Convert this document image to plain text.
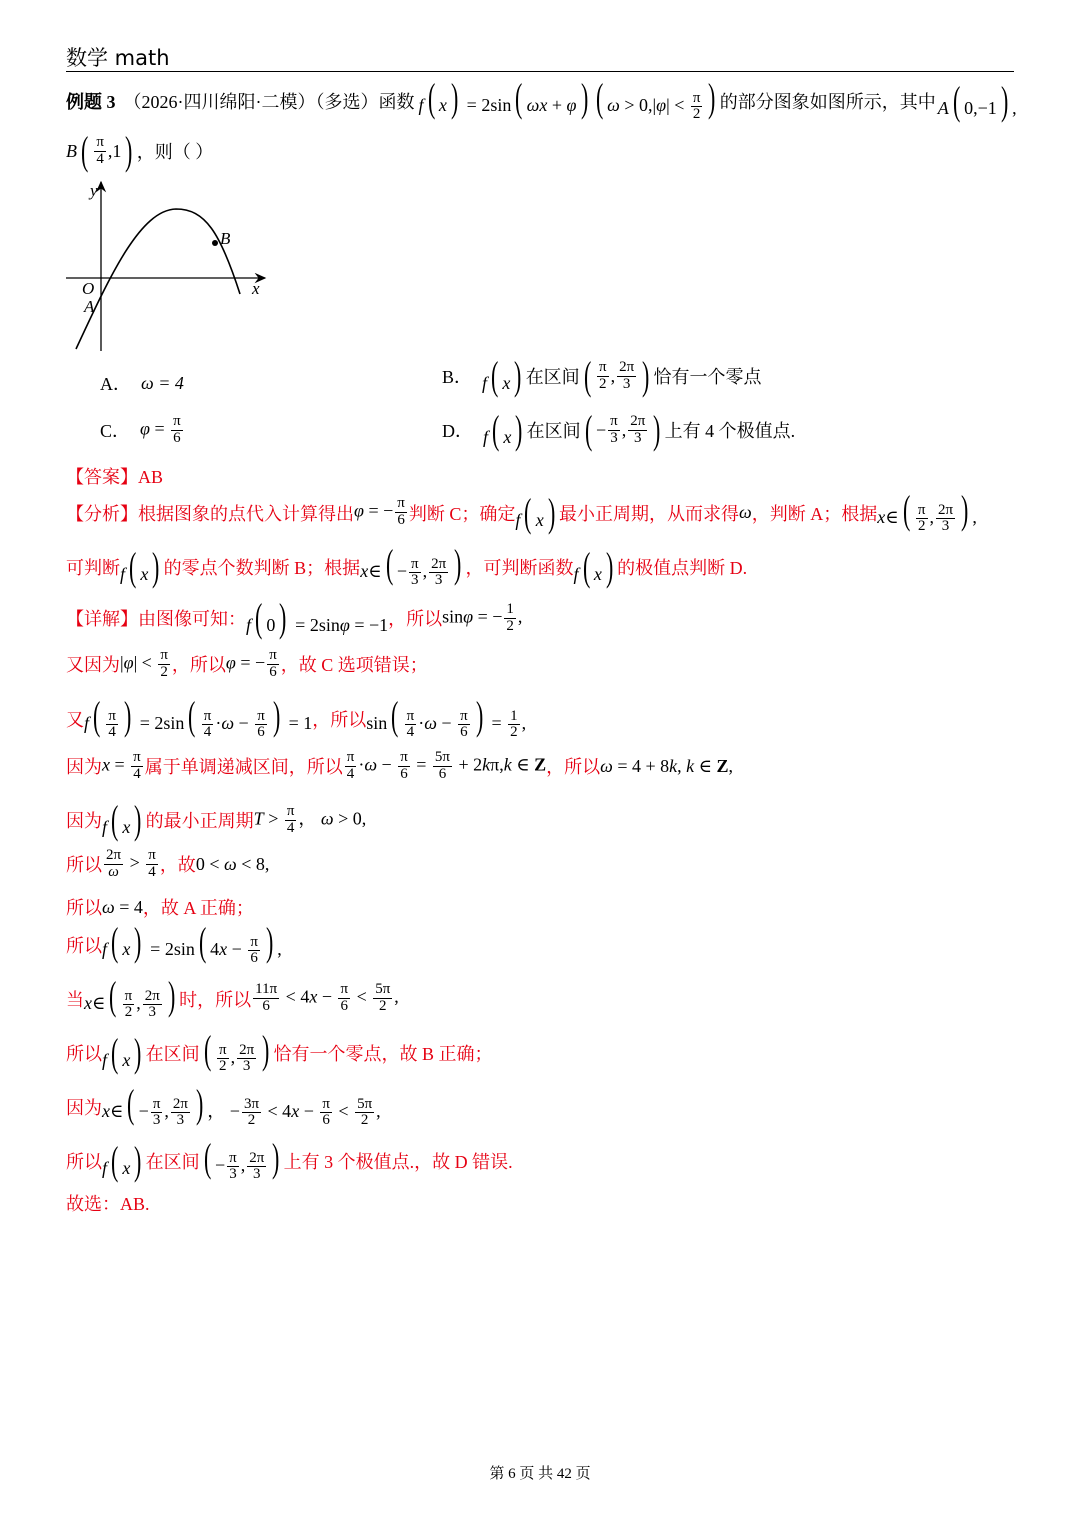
数学 math
例题 3 （2026·四川绵阳·二模）（多选） 函数 f( x) = 2sin( ωx + φ) ( $\omega > 0,|\varphi| < \frac{\pi}{2}$ ) 的部分图象如图所示，其中 A( 0,−1) ,
B ( $\frac{\pi}{4} ,1$ ) ，则（ ）
y
x
O
A
B
A． ω = 4	B． f( x) 在区间 ( $\frac{\pi}{2}$ , $\frac{2\pi}{3}$ ) 恰有一个零点
C． $\varphi = \frac{\pi}{6}$	D． f( x) 在区间 ( − $\frac{\pi}{3}$ , $\frac{2\pi}{3}$ ) 上有 4 个极值点.
【答案】AB
【分析】 根据图象的点代入计算得出 φ = − $\frac{\pi}{6}$ 判断 C；确定 f( x) 最小正周期，从而求得 ω ，判断 A；根据 x∈( $\frac{\pi}{2}$ , $\frac{2\pi}{3}$ ) ,
可判断 f( x) 的零点个数判断 B；根据 x∈( − $\frac{\pi}{3}$ , $\frac{2\pi}{3}$ ) ，可判断函数 f( x) 的极值点判断 D.
【详解】 由图像可知： f( 0) = 2sinφ = −1 ，所以 sinφ = − $\frac{1}{2}$ ,
又因为 $|\varphi| < \frac{\pi}{2}$ ，所以 φ = − $\frac{\pi}{6}$ ，故 C 选项错误；
又 $f( \frac{\pi}{4}$ ) = $2\sin( \frac{\pi}{4} \cdot\omega - \frac{\pi}{6}$ ) = 1 ，所以 $\sin( \frac{\pi}{4} \cdot\omega - \frac{\pi}{6}$ ) = $\frac{1}{2}$ ,
因为 $x = \frac{\pi}{4}$ 属于单调递减区间，所以 $\frac{\pi}{4} \cdot\omega - \frac{\pi}{6} = \frac{5\pi}{6} + 2k\pi,k$ ∈ Z ，所以 ω = 4 + 8k, k ∈ Z,
因为 f( x) 的最小正周期 $T > \frac{\pi}{4}$ ， ω > 0,
所以 $\frac{2\pi}{\omega} > \frac{\pi}{4}$ ，故 0 < ω < 8,
所以 ω = 4 ，故 A 正确；
所以 f( x) = 2sin( $4x - \frac{\pi}{6}$ ) ,
当 x∈( $\frac{\pi}{2}$ , $\frac{2\pi}{3}$ ) 时，所以 $\frac{11\pi}{6} < 4x - \frac{\pi}{6} < \frac{5\pi}{2}$ ,
所以 f( x) 在区间 ( $\frac{\pi}{2}$ , $\frac{2\pi}{3}$ ) 恰有一个零点，故 B 正确；
因为 x∈( − $\frac{\pi}{3}$ , $\frac{2\pi}{3}$ ) ， − $\frac{3\pi}{2} < 4x - \frac{\pi}{6} < \frac{5\pi}{2}$ ,
所以 f( x) 在区间 ( − $\frac{\pi}{3}$ , $\frac{2\pi}{3}$ ) 上有 3 个极值点.，故 D 错误.
故选：AB.
第 6 页 共 42 页
